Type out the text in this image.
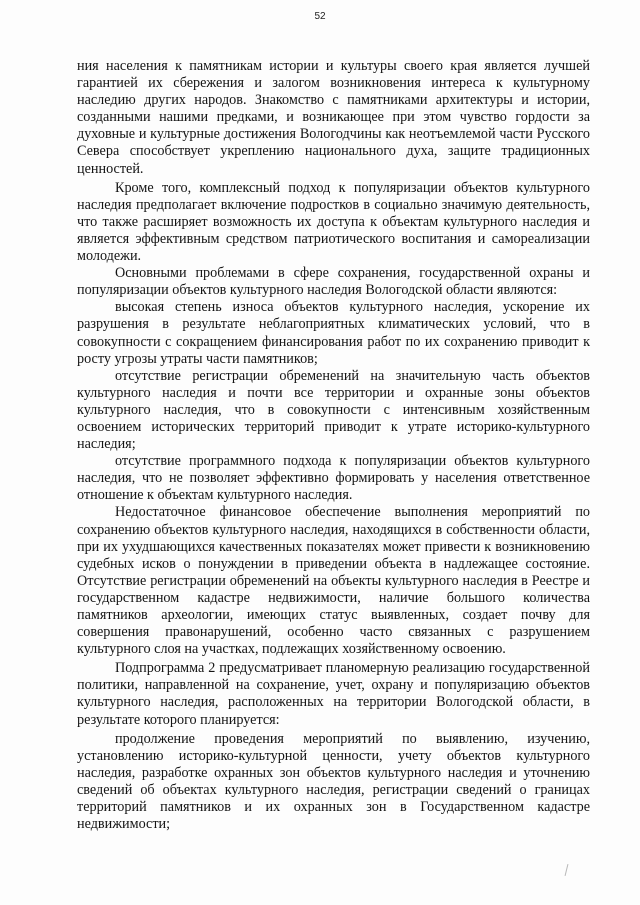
52

ния населения к памятникам истории и культуры своего края является лучшей гарантией их сбережения и залогом возникновения интереса к культурному наследию других народов. Знакомство с памятниками архитектуры и истории, созданными нашими предками, и возникающее при этом чувство гордости за духовные и культурные достижения Вологодчины как неотъемлемой части Русского Севера способствует укреплению национального духа, защите традиционных ценностей.

Кроме того, комплексный подход к популяризации объектов культурного наследия предполагает включение подростков в социально значимую деятельность, что также расширяет возможность их доступа к объектам культурного наследия и является эффективным средством патриотического воспитания и самореализации молодежи.

Основными проблемами в сфере сохранения, государственной охраны и популяризации объектов культурного наследия Вологодской области являются:

высокая степень износа объектов культурного наследия, ускорение их разрушения в результате неблагоприятных климатических условий, что в совокупности с сокращением финансирования работ по их сохранению приводит к росту угрозы утраты части памятников;

отсутствие регистрации обременений на значительную часть объектов культурного наследия и почти все территории и охранные зоны объектов культурного наследия, что в совокупности с интенсивным хозяйственным освоением исторических территорий приводит к утрате историко-культурного наследия;

отсутствие программного подхода к популяризации объектов культурного наследия, что не позволяет эффективно формировать у населения ответственное отношение к объектам культурного наследия.

Недостаточное финансовое обеспечение выполнения мероприятий по сохранению объектов культурного наследия, находящихся в собственности области, при их ухудшающихся качественных показателях может привести к возникновению судебных исков о понуждении в приведении объекта в надлежащее состояние. Отсутствие регистрации обременений на объекты культурного наследия в Реестре и государственном кадастре недвижимости, наличие большого количества памятников археологии, имеющих статус выявленных, создает почву для совершения правонарушений, особенно часто связанных с разрушением культурного слоя на участках, подлежащих хозяйственному освоению.

Подпрограмма 2 предусматривает планомерную реализацию государственной политики, направленной на сохранение, учет, охрану и популяризацию объектов культурного наследия, расположенных на территории Вологодской области, в результате которого планируется:

продолжение проведения мероприятий по выявлению, изучению, установлению историко-культурной ценности, учету объектов культурного наследия, разработке охранных зон объектов культурного наследия и уточнению сведений об объектах культурного наследия, регистрации сведений о границах территорий памятников и их охранных зон в Государственном кадастре недвижимости;
